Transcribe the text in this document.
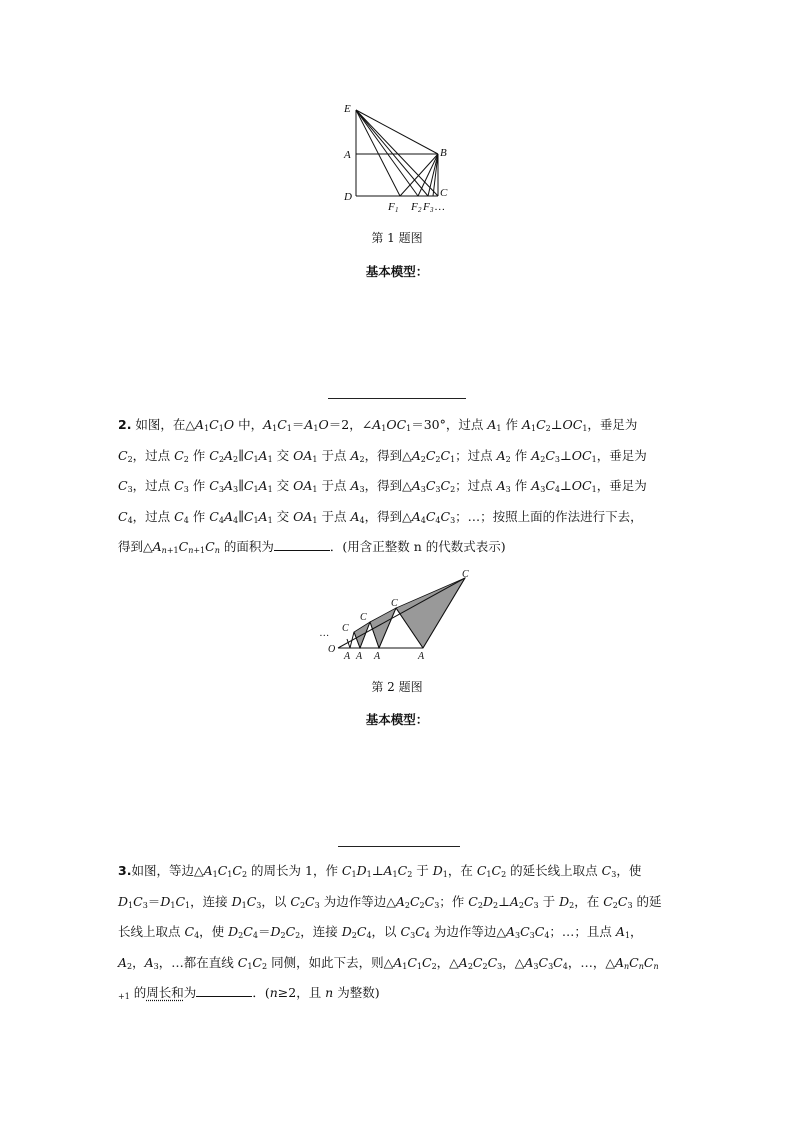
E
A	B
D	C
F 1 F 2 F 3 …
第 1 题图
基本模型：

2. 如图，在$\triangle A_1C_1O$ 中，$A_1C_1=A_1O=2$，$\angle A_1OC_1=30^\circ$，过点 $A_1$ 作 $A_1C_2\perp OC_1$，垂足为

$C_2$，过点 $C_2$ 作 $C_2A_2\parallel C_1A_1$ 交 $OA_1$ 于点 $A_2$，得到$\triangle A_2C_2C_1$；过点 $A_2$ 作 $A_2C_3\perp OC_1$，垂足为

$C_3$，过点 $C_3$ 作 $C_3A_3\parallel C_1A_1$ 交 $OA_1$ 于点 $A_3$，得到$\triangle A_3C_3C_2$；过点 $A_3$ 作 $A_3C_4\perp OC_1$，垂足为

$C_4$，过点 $C_4$ 作 $C_4A_4\parallel C_1A_1$ 交 $OA_1$ 于点 $A_4$，得到$\triangle A_4C_4C_3$；…；按照上面的作法进行下去，

得到$\triangle A_{n+1}C_{n+1}C_n$ 的面积为	．(用含正整数 n 的代数式表示)

C
C
C
C
…
O
A A A	A
第 2 题图
基本模型：

3.如图，等边$\triangle A_1C_1C_2$ 的周长为 1，作 $C_1D_1\perp A_1C_2$ 于 $D_1$，在 $C_1C_2$ 的延长线上取点 $C_3$，使

$D_1C_3=D_1C_1$，连接 $D_1C_3$，以 $C_2C_3$ 为边作等边$\triangle A_2C_2C_3$；作 $C_2D_2\perp A_2C_3$ 于 $D_2$，在 $C_2C_3$ 的延

长线上取点 $C_4$，使 $D_2C_4=D_2C_2$，连接 $D_2C_4$，以 $C_3C_4$ 为边作等边$\triangle A_3C_3C_4$；…；且点 $A_1$，

$A_2$，$A_3$，…都在直线 $C_1C_2$ 同侧，如此下去，则$\triangle A_1C_1C_2$，$\triangle A_2C_2C_3$，$\triangle A_3C_3C_4$，…，$\triangle A_nC_nC_n$

$_{+1}$ 的周长和为	．(n≥2，且 n 为整数)
